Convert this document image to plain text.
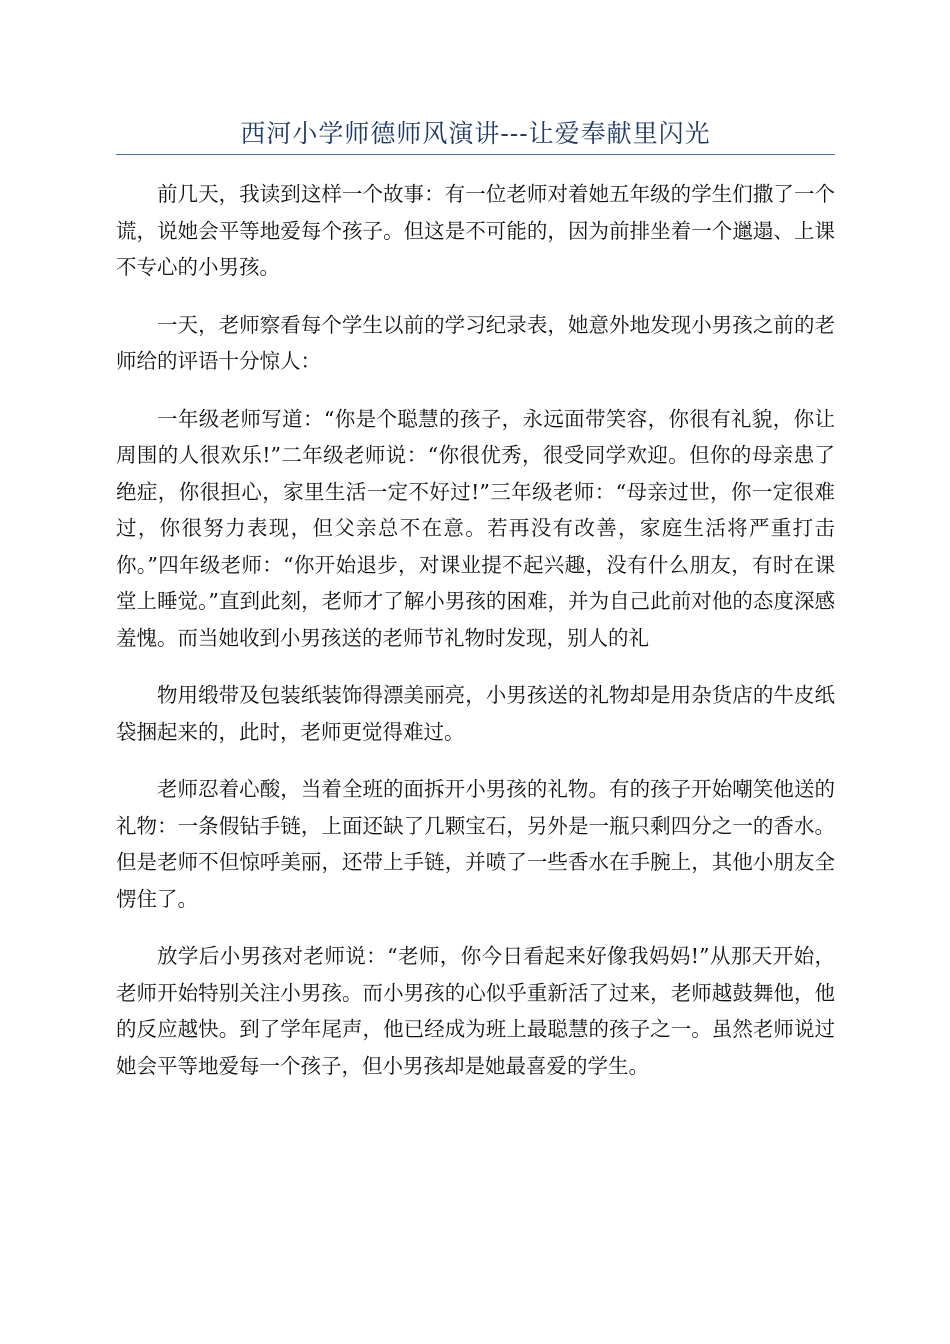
西河小学师德师风演讲---让爱奉献里闪光

前几天，我读到这样一个故事：有一位老师对着她五年级的学生们撒了一个谎，说她会平等地爱每个孩子。但这是不可能的，因为前排坐着一个邋遢、上课不专心的小男孩。

一天，老师察看每个学生以前的学习纪录表，她意外地发现小男孩之前的老师给的评语十分惊人：

一年级老师写道：“你是个聪慧的孩子，永远面带笑容，你很有礼貌，你让周围的人很欢乐!”二年级老师说：“你很优秀，很受同学欢迎。但你的母亲患了绝症，你很担心，家里生活一定不好过!”三年级老师：“母亲过世，你一定很难过，你很努力表现，但父亲总不在意。若再没有改善，家庭生活将严重打击你。”四年级老师：“你开始退步，对课业提不起兴趣，没有什么朋友，有时在课堂上睡觉。”直到此刻，老师才了解小男孩的困难，并为自己此前对他的态度深感羞愧。而当她收到小男孩送的老师节礼物时发现，别人的礼

物用缎带及包装纸装饰得漂美丽亮，小男孩送的礼物却是用杂货店的牛皮纸袋捆起来的，此时，老师更觉得难过。

老师忍着心酸，当着全班的面拆开小男孩的礼物。有的孩子开始嘲笑他送的礼物：一条假钻手链，上面还缺了几颗宝石，另外是一瓶只剩四分之一的香水。但是老师不但惊呼美丽，还带上手链，并喷了一些香水在手腕上，其他小朋友全愣住了。

放学后小男孩对老师说：“老师，你今日看起来好像我妈妈!”从那天开始，老师开始特别关注小男孩。而小男孩的心似乎重新活了过来，老师越鼓舞他，他的反应越快。到了学年尾声，他已经成为班上最聪慧的孩子之一。虽然老师说过她会平等地爱每一个孩子，但小男孩却是她最喜爱的学生。
